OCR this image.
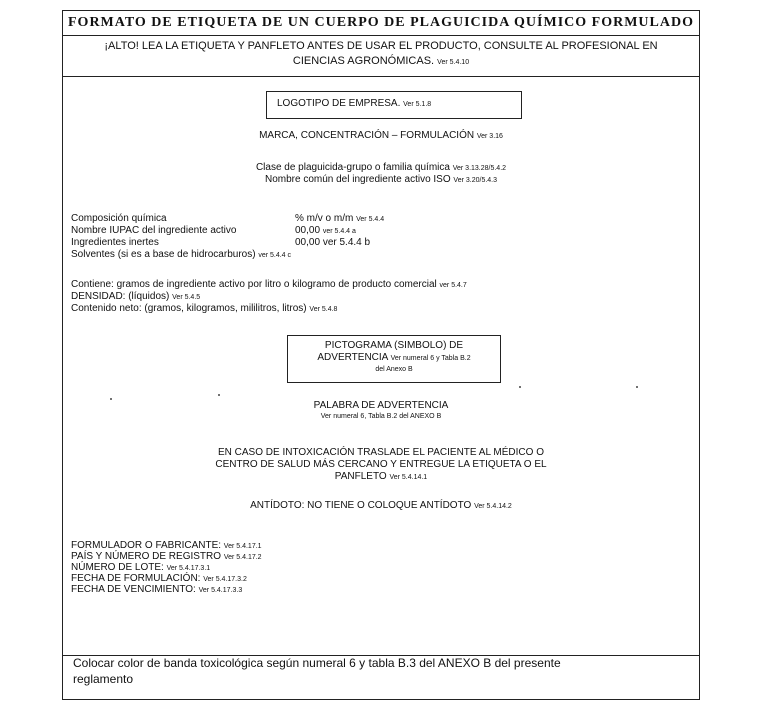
FORMATO DE ETIQUETA DE UN CUERPO DE PLAGUICIDA QUÍMICO FORMULADO
¡ALTO! LEA LA ETIQUETA Y PANFLETO ANTES DE USAR EL PRODUCTO, CONSULTE AL PROFESIONAL EN
CIENCIAS AGRONÓMICAS. Ver 5.4.10
LOGOTIPO DE EMPRESA. Ver 5.1.8
MARCA, CONCENTRACIÓN – FORMULACIÓN Ver 3.16
Clase de plaguicida-grupo o familia química Ver 3.13.28/5.4.2
Nombre común del ingrediente activo ISO Ver 3.20/5.4.3
Composición química	% m/v o m/m Ver 5.4.4
Nombre IUPAC del ingrediente activo	00,00 ver 5.4.4 a
Ingredientes inertes	00,00 ver 5.4.4 b
Solventes (si es a base de hidrocarburos) ver 5.4.4 c
Contiene: gramos de ingrediente activo por litro o kilogramo de producto comercial ver 5.4.7
DENSIDAD: (líquidos) Ver 5.4.5
Contenido neto: (gramos, kilogramos, mililitros, litros) Ver 5.4.8
PICTOGRAMA (SIMBOLO) DE
ADVERTENCIA Ver numeral 6 y Tabla B.2
del Anexo B
PALABRA DE ADVERTENCIA
Ver numeral 6, Tabla B.2 del ANEXO B
EN CASO DE INTOXICACIÓN TRASLADE EL PACIENTE AL MÉDICO O
CENTRO DE SALUD MÁS CERCANO Y ENTREGUE LA ETIQUETA O EL
PANFLETO Ver 5.4.14.1
ANTÍDOTO: NO TIENE O COLOQUE ANTÍDOTO Ver 5.4.14.2
FORMULADOR O FABRICANTE: Ver 5.4.17.1
PAÍS Y NÚMERO DE REGISTRO Ver 5.4.17.2
NÚMERO DE LOTE: Ver 5.4.17.3.1
FECHA DE FORMULACIÓN: Ver 5.4.17.3.2
FECHA DE VENCIMIENTO: Ver 5.4.17.3.3
Colocar color de banda toxicológica según numeral 6 y tabla B.3 del ANEXO B del presente
reglamento
